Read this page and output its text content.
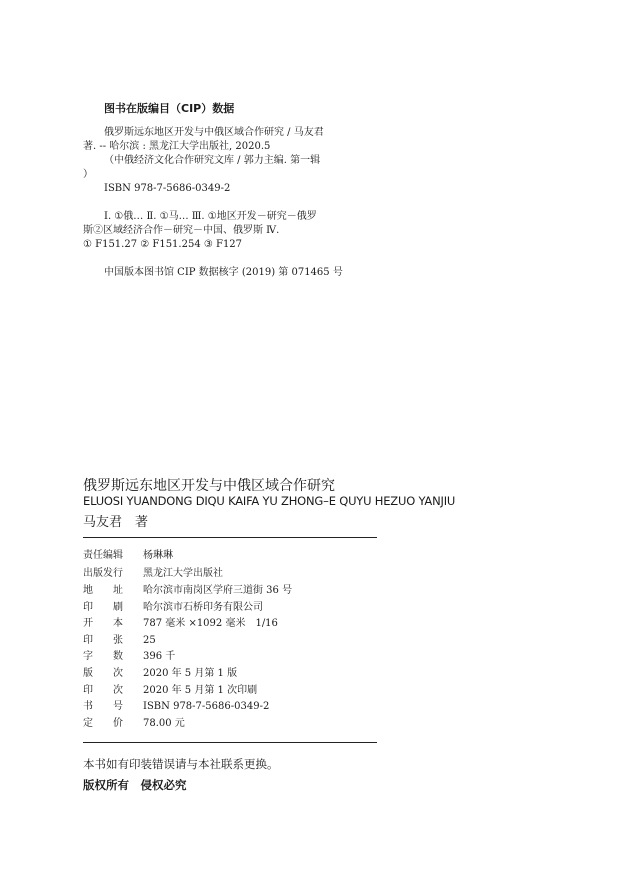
图书在版编目（CIP）数据
俄罗斯远东地区开发与中俄区域合作研究 / 马友君
著. -- 哈尔滨 : 黑龙江大学出版社, 2020.5
（中俄经济文化合作研究文库 / 郭力主编. 第一辑
）
ISBN 978-7-5686-0349-2
Ⅰ. ①俄… Ⅱ. ①马… Ⅲ. ①地区开发－研究－俄罗
斯②区域经济合作－研究－中国、俄罗斯 Ⅳ.
① F151.27 ② F151.254 ③ F127
中国版本图书馆 CIP 数据核字 (2019) 第 071465 号
俄罗斯远东地区开发与中俄区域合作研究
ELUOSI YUANDONG DIQU KAIFA YU ZHONG–E QUYU HEZUO YANJIU
马友君　著
责任编辑 杨琳琳
出版发行 黑龙江大学出版社
地　　址 哈尔滨市南岗区学府三道街 36 号
印　　刷 哈尔滨市石桥印务有限公司
开　　本 787 毫米 ×1092 毫米　1/16
印　　张 25
字　　数 396 千
版　　次 2020 年 5 月第 1 版
印　　次 2020 年 5 月第 1 次印刷
书　　号 ISBN 978-7-5686-0349-2
定　　价 78.00 元
本书如有印装错误请与本社联系更换。
版权所有　侵权必究
